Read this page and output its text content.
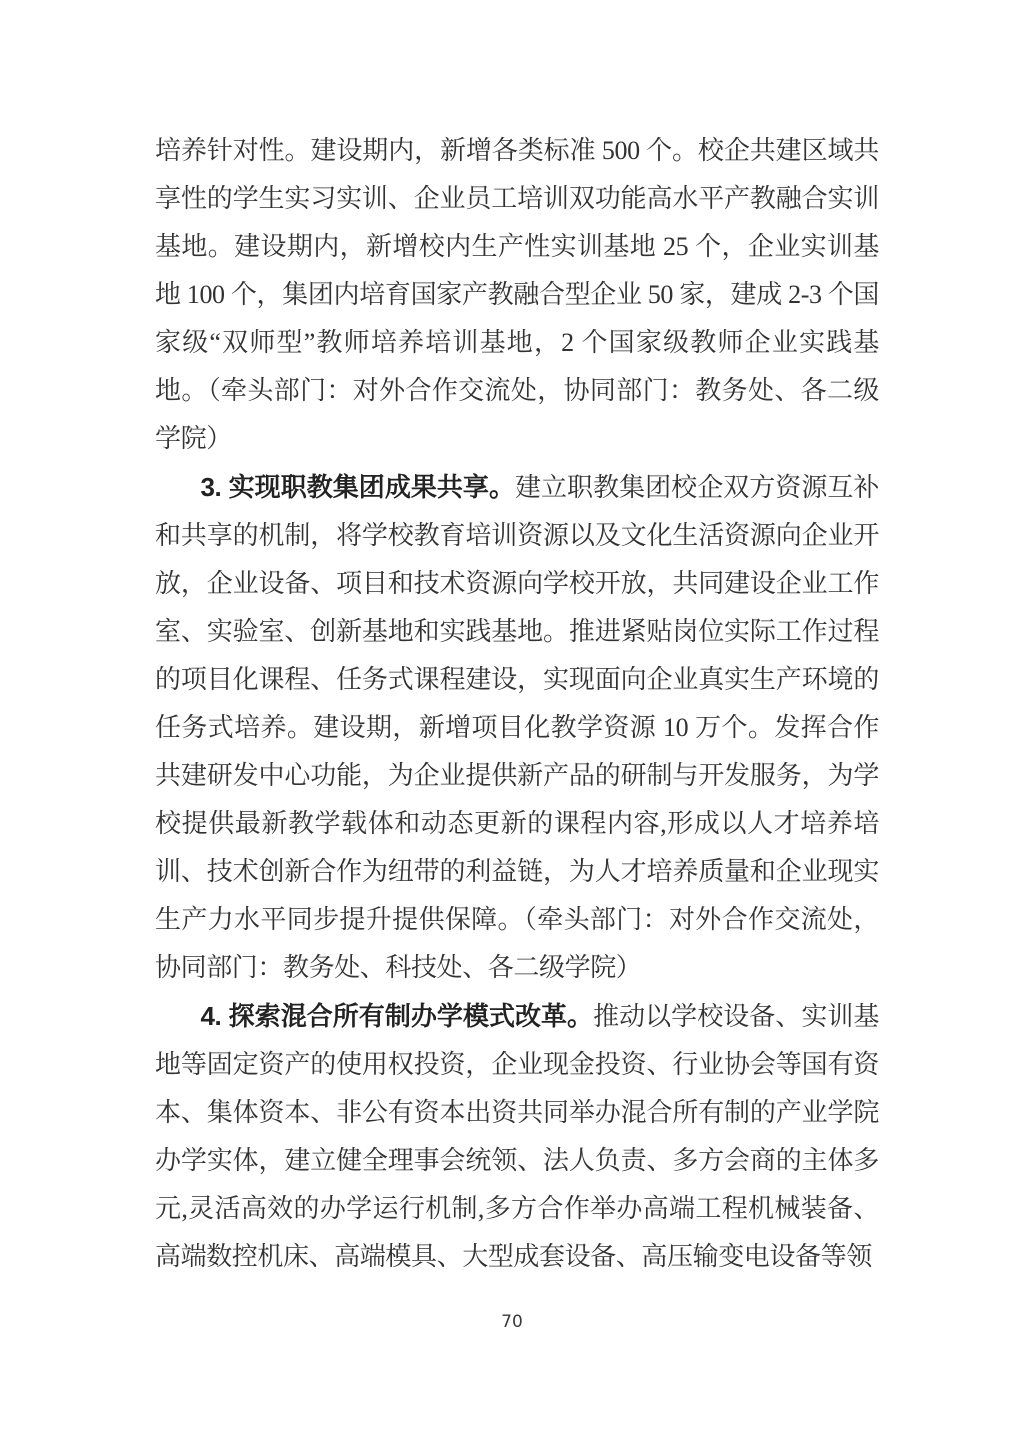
培养针对性。建设期内，新增各类标准 500 个。校企共建区域共享性的学生实习实训、企业员工培训双功能高水平产教融合实训基地。建设期内，新增校内生产性实训基地 25 个，企业实训基地 100 个，集团内培育国家产教融合型企业 50 家，建成 2-3 个国家级“双师型”教师培养培训基地，2 个国家级教师企业实践基地。（牵头部门：对外合作交流处，协同部门：教务处、各二级学院）

3. 实现职教集团成果共享。建立职教集团校企双方资源互补和共享的机制，将学校教育培训资源以及文化生活资源向企业开放，企业设备、项目和技术资源向学校开放，共同建设企业工作室、实验室、创新基地和实践基地。推进紧贴岗位实际工作过程的项目化课程、任务式课程建设，实现面向企业真实生产环境的任务式培养。建设期，新增项目化教学资源 10 万个。发挥合作共建研发中心功能，为企业提供新产品的研制与开发服务，为学校提供最新教学载体和动态更新的课程内容,形成以人才培养培训、技术创新合作为纽带的利益链，为人才培养质量和企业现实生产力水平同步提升提供保障。（牵头部门：对外合作交流处，协同部门：教务处、科技处、各二级学院）

4. 探索混合所有制办学模式改革。推动以学校设备、实训基地等固定资产的使用权投资，企业现金投资、行业协会等国有资本、集体资本、非公有资本出资共同举办混合所有制的产业学院办学实体，建立健全理事会统领、法人负责、多方会商的主体多元,灵活高效的办学运行机制,多方合作举办高端工程机械装备、高端数控机床、高端模具、大型成套设备、高压输变电设备等领

70
